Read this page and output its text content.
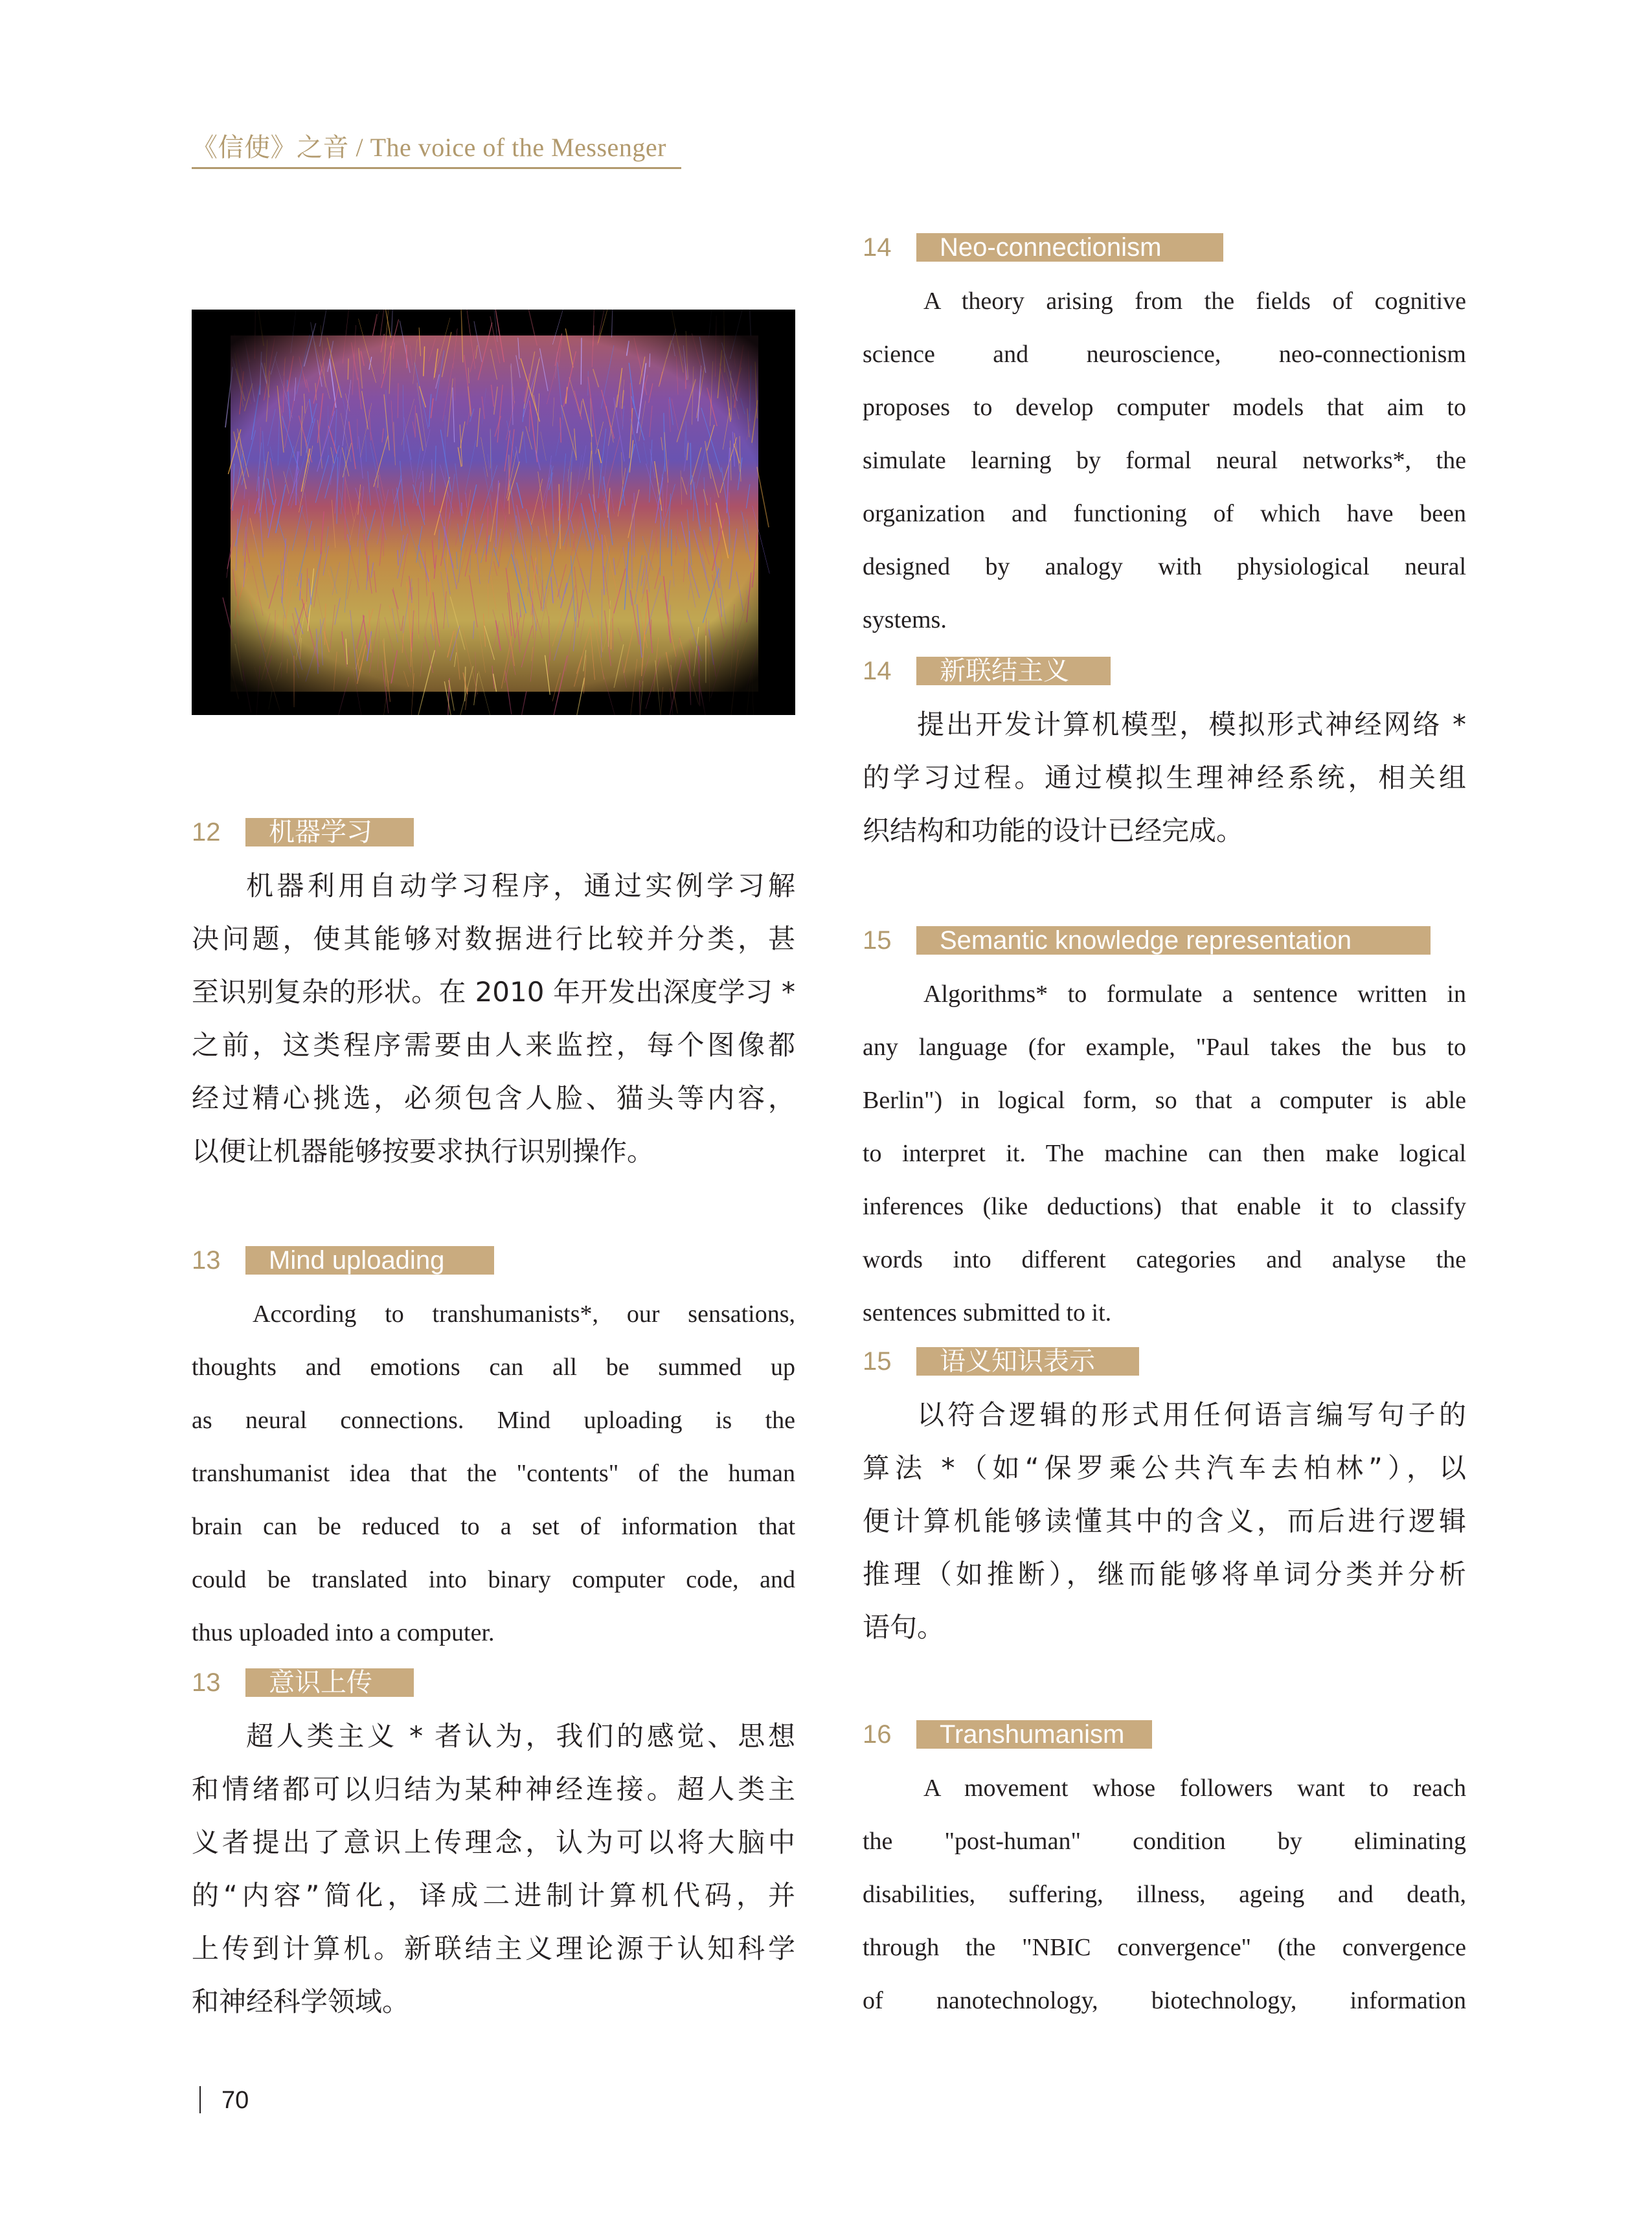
《信使》之音 / The voice of the Messenger
12	机器学习
机器利用自动学习程序，通过实例学习解
决问题，使其能够对数据进行比较并分类，甚
至识别复杂的形状。在 2010 年开发出深度学习 *
之前，这类程序需要由人来监控，每个图像都
经过精心挑选，必须包含人脸、猫头等内容，
以便让机器能够按要求执行识别操作。
13	Mind uploading
According to transhumanists*, our sensations,
thoughts and emotions can all be summed up
as neural connections. Mind uploading is the
transhumanist idea that the "contents" of the human
brain can be reduced to a set of information that
could be translated into binary computer code, and
thus uploaded into a computer.
13	意识上传
超人类主义 * 者认为，我们的感觉、思想
和情绪都可以归结为某种神经连接。超人类主
义者提出了意识上传理念，认为可以将大脑中
的“内容”简化，译成二进制计算机代码，并
上传到计算机。新联结主义理论源于认知科学
和神经科学领域。
14	Neo-connectionism
A theory arising from the fields of cognitive
science and neuroscience, neo-connectionism
proposes to develop computer models that aim to
simulate learning by formal neural networks*, the
organization and functioning of which have been
designed by analogy with physiological neural
systems.
14	新联结主义
提出开发计算机模型，模拟形式神经网络 *
的学习过程。通过模拟生理神经系统，相关组
织结构和功能的设计已经完成。
15	Semantic knowledge representation
Algorithms* to formulate a sentence written in
any language (for example, "Paul takes the bus to
Berlin") in logical form, so that a computer is able
to interpret it. The machine can then make logical
inferences (like deductions) that enable it to classify
words into different categories and analyse the
sentences submitted to it.
15	语义知识表示
以符合逻辑的形式用任何语言编写句子的
算法 *（如“保罗乘公共汽车去柏林”），以
便计算机能够读懂其中的含义，而后进行逻辑
推理（如推断），继而能够将单词分类并分析
语句。
16	Transhumanism
A movement whose followers want to reach
the "post-human" condition by eliminating
disabilities, suffering, illness, ageing and death,
through the "NBIC convergence" (the convergence
of nanotechnology, biotechnology, information
70
